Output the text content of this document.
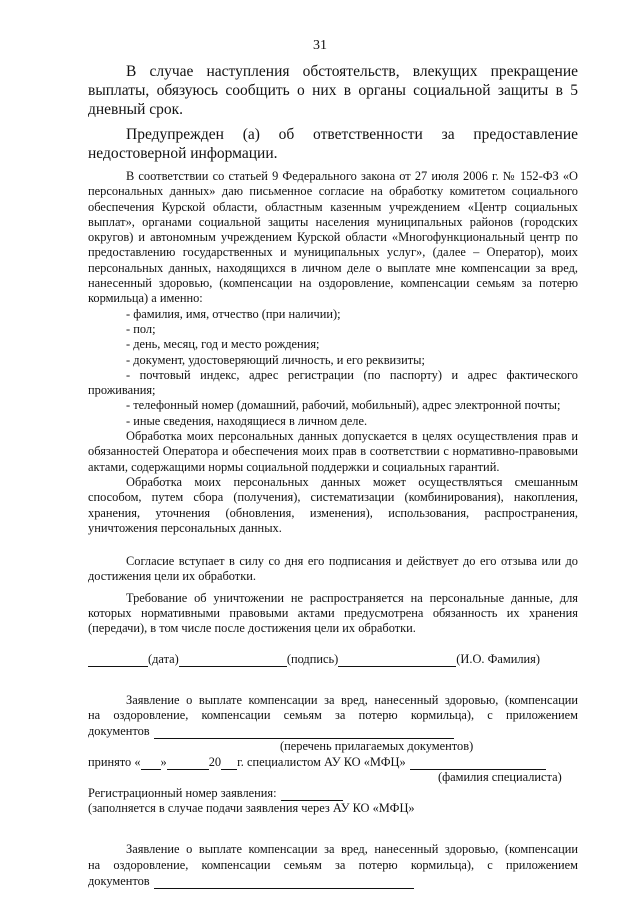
31

В случае наступления обстоятельств, влекущих прекращение выплаты, обязуюсь сообщить о них в органы социальной защиты в 5 дневный срок.

Предупрежден (а) об ответственности за предоставление недостоверной информации.

В соответствии со статьей 9 Федерального закона от 27 июля 2006 г. № 152-ФЗ «О персональных данных» даю письменное согласие на обработку комитетом социального обеспечения Курской области, областным казенным учреждением «Центр социальных выплат», органами социальной защиты населения муниципальных районов (городских округов) и автономным учреждением Курской области «Многофункциональный центр по предоставлению государственных и муниципальных услуг», (далее – Оператор), моих персональных данных, находящихся в личном деле о выплате мне компенсации за вред, нанесенный здоровью, (компенсации на оздоровление, компенсации семьям за потерю кормильца) а именно:

- фамилия, имя, отчество (при наличии);

- пол;

- день, месяц, год и место рождения;

- документ, удостоверяющий личность, и его реквизиты;

- почтовый индекс, адрес регистрации (по паспорту) и адрес фактического проживания;

- телефонный номер (домашний, рабочий, мобильный), адрес электронной почты;

- иные сведения, находящиеся в личном деле.

Обработка моих персональных данных допускается в целях осуществления прав и обязанностей Оператора и обеспечения моих прав в соответствии с нормативно-правовыми актами, содержащими нормы социальной поддержки и социальных гарантий.

Обработка моих персональных данных может осуществляться смешанным способом, путем сбора (получения), систематизации (комбинирования), накопления, хранения, уточнения (обновления, изменения), использования, распространения, уничтожения персональных данных.

Согласие вступает в силу со дня его подписания и действует до его отзыва или до достижения цели их обработки.

Требование об уничтожении не распространяется на персональные данные, для которых нормативными правовыми актами предусмотрена обязанность их хранения (передачи), в том числе после достижения цели их обработки.

(дата)	(подпись)	(И.О. Фамилия)

Заявление о выплате компенсации за вред, нанесенный здоровью, (компенсации

на оздоровление, компенсации семьям за потерю кормильца), с приложением

документов
(перечень прилагаемых документов)
принято « »	20 г. специалистом АУ КО «МФЦ»
(фамилия специалиста)
Регистрационный номер заявления:
(заполняется в случае подачи заявления через АУ КО «МФЦ»

Заявление о выплате компенсации за вред, нанесенный здоровью, (компенсации

на оздоровление, компенсации семьям за потерю кормильца), с приложением

документов
